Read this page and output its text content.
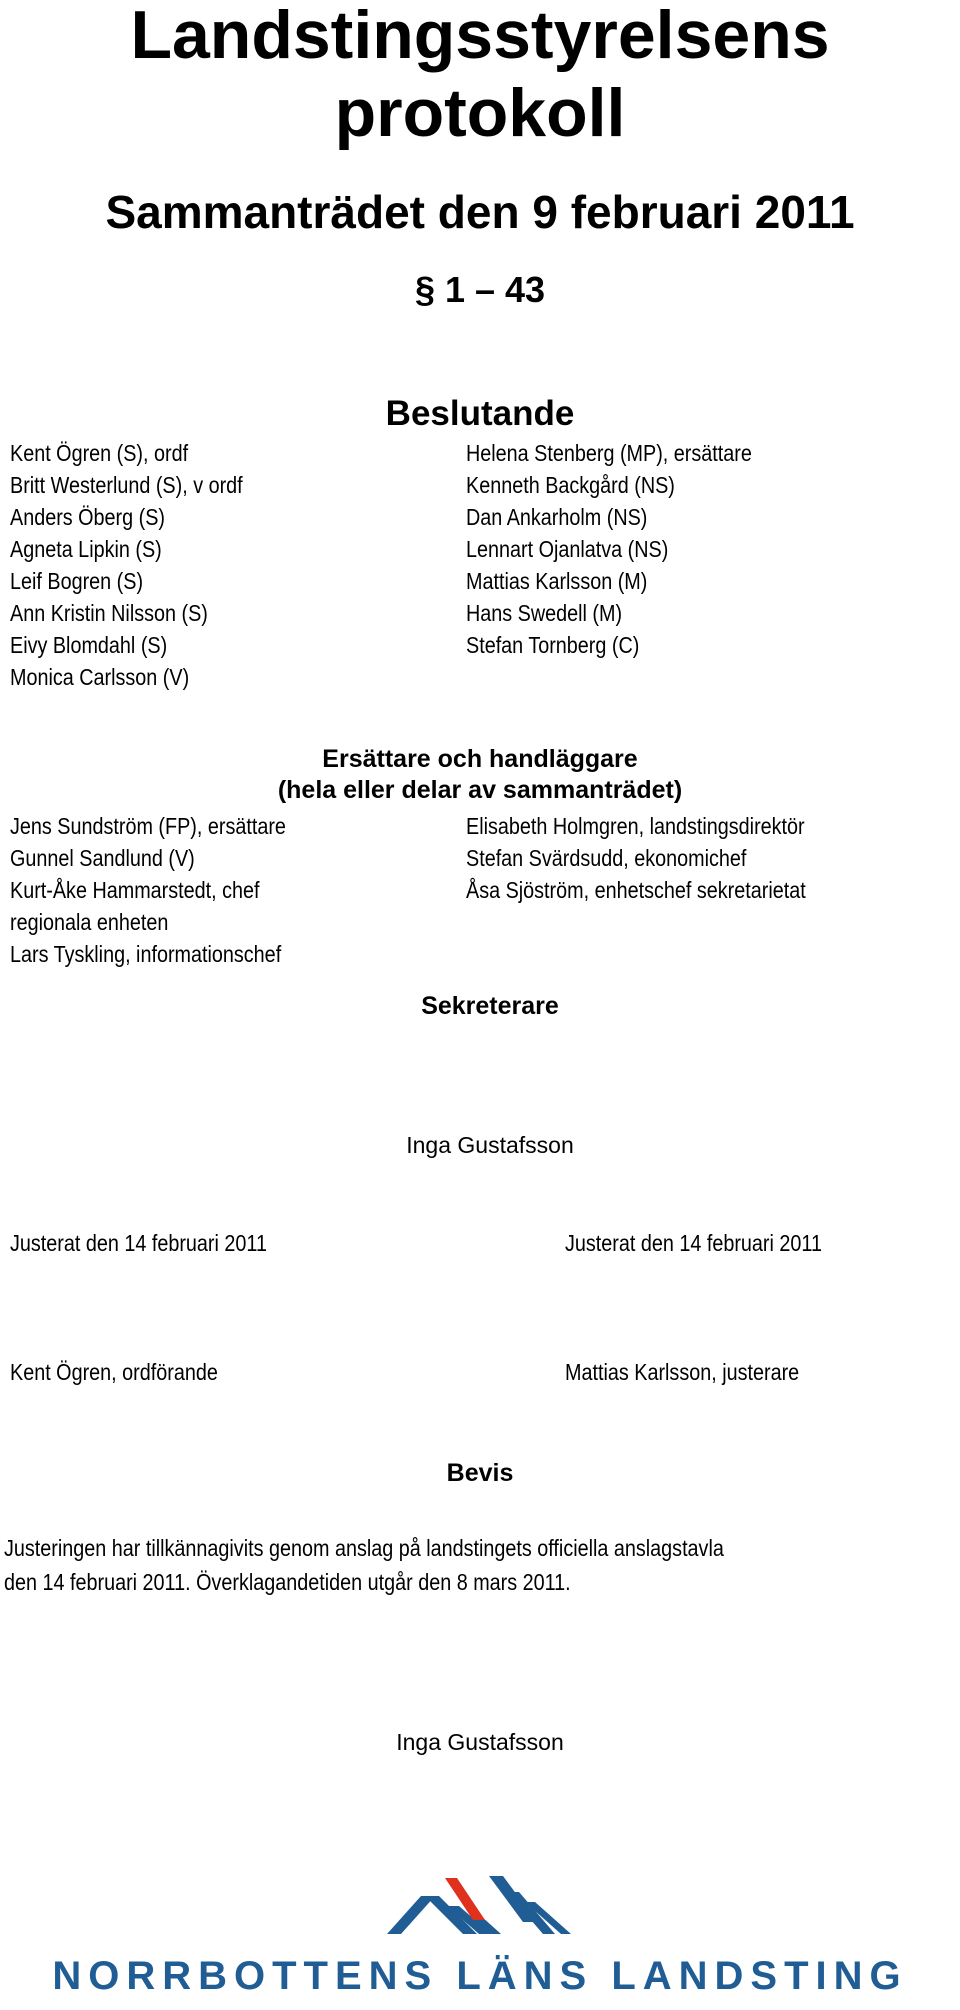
Landstingsstyrelsens
protokoll
Sammanträdet den 9 februari 2011
§ 1 – 43
Beslutande
Kent Ögren (S), ordf
Britt Westerlund (S), v ordf
Anders Öberg (S)
Agneta Lipkin (S)
Leif Bogren (S)
Ann Kristin Nilsson (S)
Eivy Blomdahl (S)
Monica Carlsson (V)
Helena Stenberg (MP), ersättare
Kenneth Backgård (NS)
Dan Ankarholm (NS)
Lennart Ojanlatva (NS)
Mattias Karlsson (M)
Hans Swedell (M)
Stefan Tornberg (C)
Ersättare och handläggare
(hela eller delar av sammanträdet)
Jens Sundström (FP), ersättare
Gunnel Sandlund (V)
Kurt-Åke Hammarstedt, chef
regionala enheten
Lars Tyskling, informationschef
Elisabeth Holmgren, landstingsdirektör
Stefan Svärdsudd, ekonomichef
Åsa Sjöström, enhetschef sekretarietat
Sekreterare
Inga Gustafsson
Justerat den 14 februari 2011	Justerat den 14 februari 2011
Kent Ögren, ordförande	Mattias Karlsson, justerare
Bevis
Justeringen har tillkännagivits genom anslag på landstingets officiella anslagstavla
den 14 februari 2011. Överklagandetiden utgår den 8 mars 2011.
Inga Gustafsson
NORRBOTTENS LÄNS LANDSTING
